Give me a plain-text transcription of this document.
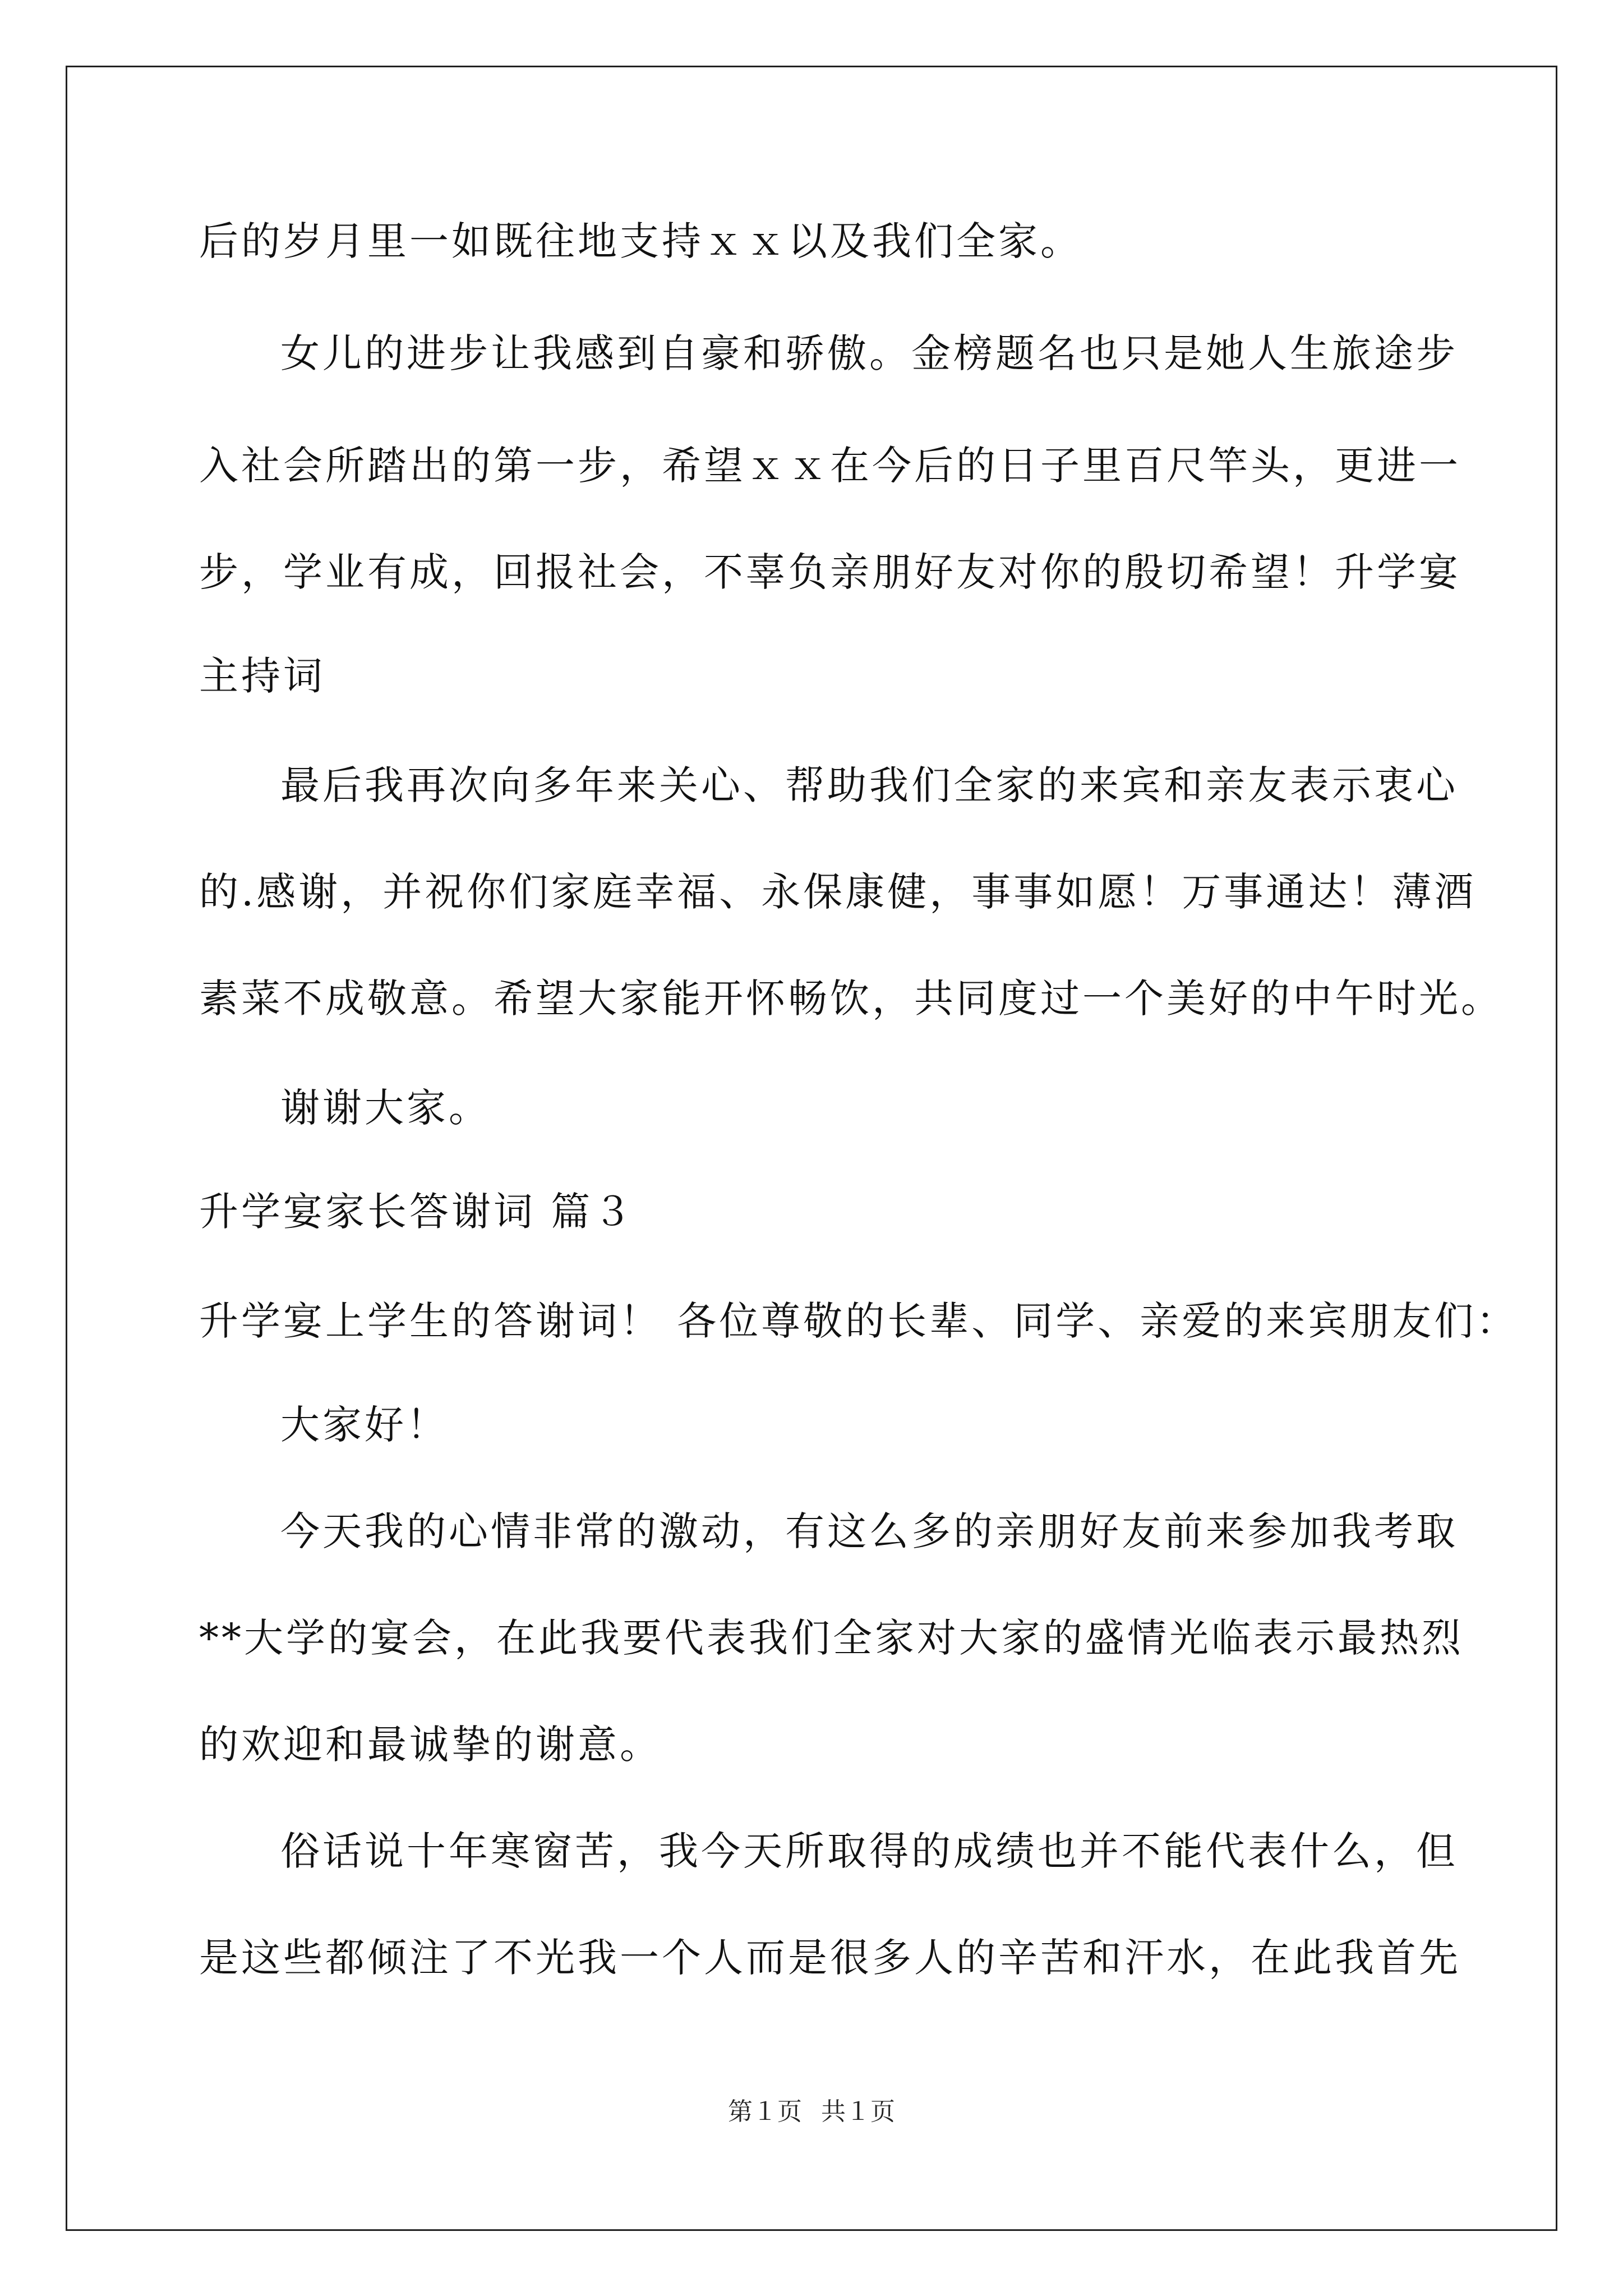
后的岁月里一如既往地支持ｘｘ以及我们全家。
女儿的进步让我感到自豪和骄傲。金榜题名也只是她人生旅途步
入社会所踏出的第一步，希望ｘｘ在今后的日子里百尺竿头，更进一
步，学业有成，回报社会，不辜负亲朋好友对你的殷切希望！升学宴
主持词
最后我再次向多年来关心、帮助我们全家的来宾和亲友表示衷心
的.感谢，并祝你们家庭幸福、永保康健，事事如愿！万事通达！薄酒
素菜不成敬意。希望大家能开怀畅饮，共同度过一个美好的中午时光。
谢谢大家。
升学宴家长答谢词 篇３
升学宴上学生的答谢词！ 各位尊敬的长辈、同学、亲爱的来宾朋友们：
大家好！
今天我的心情非常的激动，有这么多的亲朋好友前来参加我考取
**大学的宴会，在此我要代表我们全家对大家的盛情光临表示最热烈
的欢迎和最诚挚的谢意。
俗话说十年寒窗苦，我今天所取得的成绩也并不能代表什么，但
是这些都倾注了不光我一个人而是很多人的辛苦和汗水，在此我首先
第１页 共１页
